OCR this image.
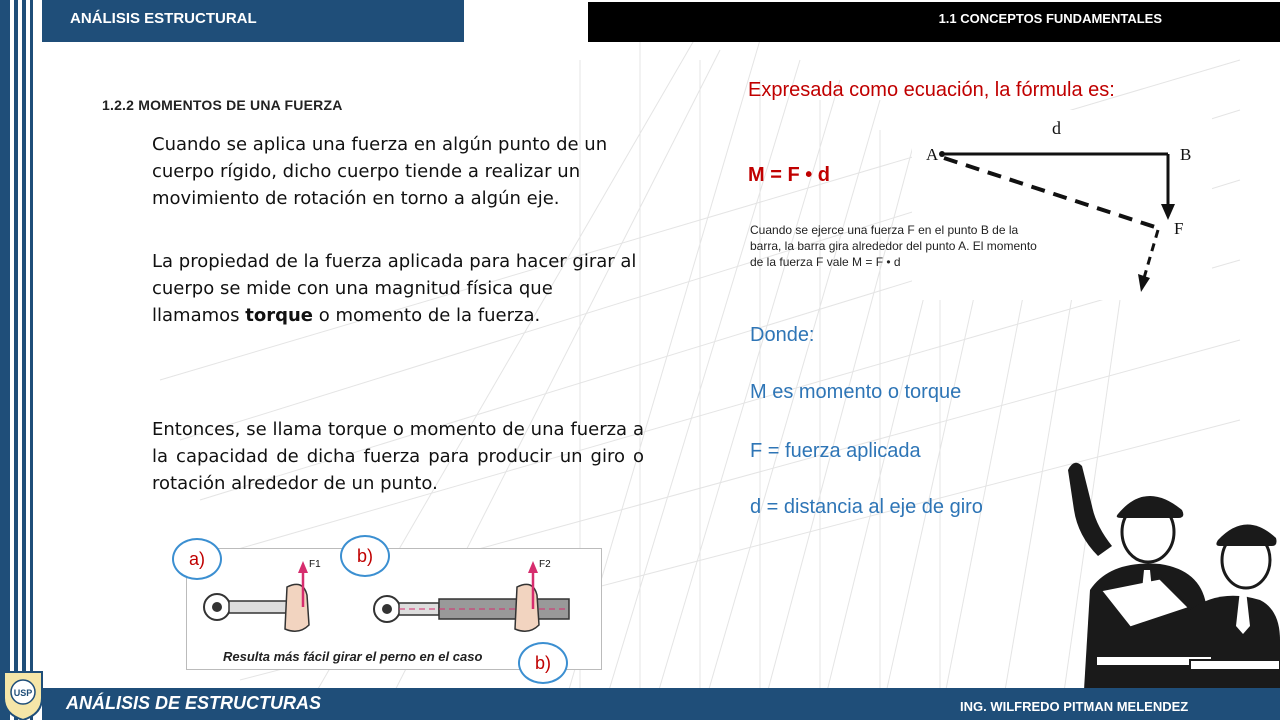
ANÁLISIS ESTRUCTURAL	1.1 CONCEPTOS FUNDAMENTALES
1.2.2 MOMENTOS DE UNA FUERZA
Cuando se aplica una fuerza en algún punto de un cuerpo rígido, dicho cuerpo tiende a realizar un movimiento de rotación en torno a algún eje.
La propiedad de la fuerza aplicada para hacer girar al cuerpo se mide con una magnitud física que llamamos torque o momento de la fuerza.
Entonces, se llama torque o momento de una fuerza a la capacidad de dicha fuerza para producir un giro o rotación alrededor de un punto.
Expresada como ecuación, la fórmula es:
M = F • d
d
A	B
F
Cuando se ejerce una fuerza F en el punto B de la barra, la barra gira alrededor del punto A. El momento de la fuerza F vale M = F • d
Donde:
M es momento o torque
F = fuerza aplicada
d = distancia al eje de giro
F1	F2
Resulta más fácil girar el perno en el caso
a)	b)
b)
ANÁLISIS DE ESTRUCTURAS	ING. WILFREDO PITMAN MELENDEZ
USP
